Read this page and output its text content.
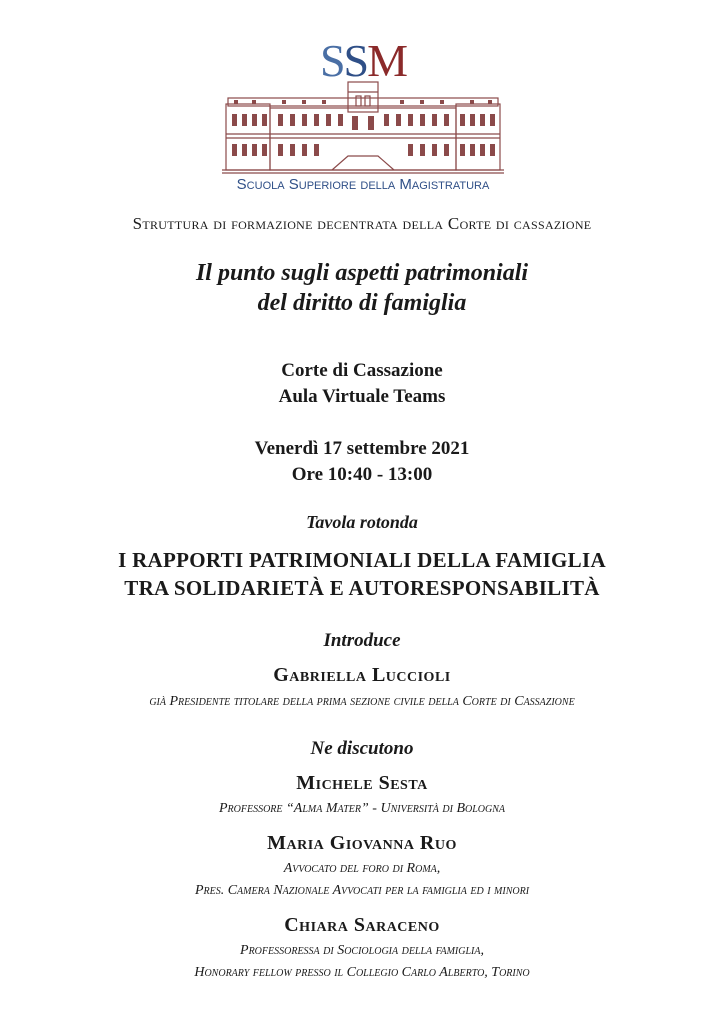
SSM
Scuola Superiore della Magistratura
Struttura di formazione decentrata della Corte di cassazione
Il punto sugli aspetti patrimoniali
del diritto di famiglia
Corte di Cassazione
Aula Virtuale Teams
Venerdì 17 settembre 2021
Ore 10:40 - 13:00
Tavola rotonda
I RAPPORTI PATRIMONIALI DELLA FAMIGLIA
TRA SOLIDARIETÀ E AUTORESPONSABILITÀ
Introduce
Gabriella Luccioli
già Presidente titolare della prima sezione civile della Corte di Cassazione
Ne discutono
Michele Sesta
Professore “Alma Mater” - Università di Bologna
Maria Giovanna Ruo
Avvocato del foro di Roma,
Pres. Camera Nazionale Avvocati per la famiglia ed i minori
Chiara Saraceno
Professoressa di Sociologia della famiglia,
Honorary fellow presso il Collegio Carlo Alberto, Torino
